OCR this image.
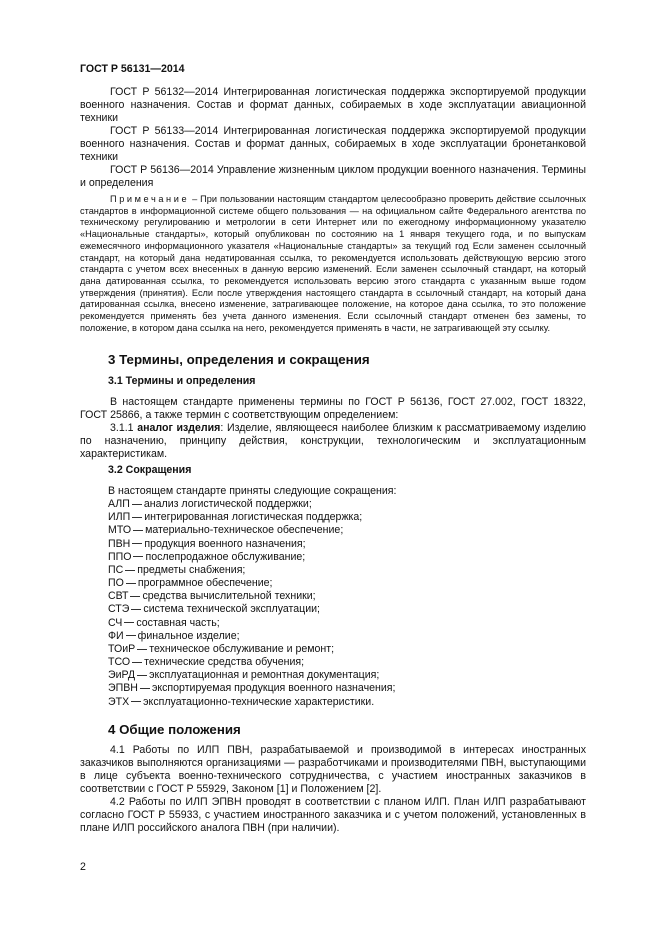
ГОСТ Р 56131—2014

ГОСТ Р 56132—2014 Интегрированная логистическая поддержка экспортируемой продукции военного назначения. Состав и формат данных, собираемых в ходе эксплуатации авиационной техники

ГОСТ Р 56133—2014 Интегрированная логистическая поддержка экспортируемой продукции военного назначения. Состав и формат данных, собираемых в ходе эксплуатации бронетанковой техники

ГОСТ Р 56136—2014 Управление жизненным циклом продукции военного назначения. Термины и определения

Примечание – При пользовании настоящим стандартом целесообразно проверить действие ссылочных стандартов в информационной системе общего пользования — на официальном сайте Федерального агентства по техническому регулированию и метрологии в сети Интернет или по ежегодному информационному указателю «Национальные стандарты», который опубликован по состоянию на 1 января текущего года, и по выпускам ежемесячного информационного указателя «Национальные стандарты» за текущий год Если заменен ссылочный стандарт, на который дана недатированная ссылка, то рекомендуется использовать действующую версию этого стандарта с учетом всех внесенных в данную версию изменений. Если заменен ссылочный стандарт, на который дана датированная ссылка, то рекомендуется использовать версию этого стандарта с указанным выше годом утверждения (принятия). Если после утверждения настоящего стандарта в ссылочный стандарт, на который дана датированная ссылка, внесено изменение, затрагивающее положение, на которое дана ссылка, то это положение рекомендуется применять без учета данного изменения. Если ссылочный стандарт отменен без замены, то положение, в котором дана ссылка на него, рекомендуется применять в части, не затрагивающей эту ссылку.
3 Термины, определения и сокращения
3.1 Термины и определения

В настоящем стандарте применены термины по ГОСТ Р 56136, ГОСТ 27.002, ГОСТ 18322, ГОСТ 25866, а также термин с соответствующим определением:

3.1.1 аналог изделия: Изделие, являющееся наиболее близким к рассматриваемому изделию по назначению, принципу действия, конструкции, технологическим и эксплуатационным характеристикам.

3.2 Сокращения
В настоящем стандарте приняты следующие сокращения:
АЛП анализ логистической поддержки;
ИЛП интегрированная логистическая поддержка;
МТО материально-техническое обеспечение;
ПВН продукция военного назначения;
ППО послепродажное обслуживание;
ПС предметы снабжения;
ПО программное обеспечение;
СВТ средства вычислительной техники;
СТЭ система технической эксплуатации;
СЧ составная часть;
ФИ финальное изделие;
ТОиР техническое обслуживание и ремонт;
ТСО технические средства обучения;
ЭиРД эксплуатационная и ремонтная документация;
ЭПВН экспортируемая продукция военного назначения;
ЭТХ эксплуатационно-технические характеристики.
4 Общие положения

4.1 Работы по ИЛП ПВН, разрабатываемой и производимой в интересах иностранных заказчиков выполняются организациями — разработчиками и производителями ПВН, выступающими в лице субъекта военно-технического сотрудничества, с участием иностранных заказчиков в соответствии с ГОСТ Р 55929, Законом [1] и Положением [2].

4.2 Работы по ИЛП ЭПВН проводят в соответствии с планом ИЛП. План ИЛП разрабатывают согласно ГОСТ Р 55933, с участием иностранного заказчика и с учетом положений, установленных в плане ИЛП российского аналога ПВН (при наличии).

2
